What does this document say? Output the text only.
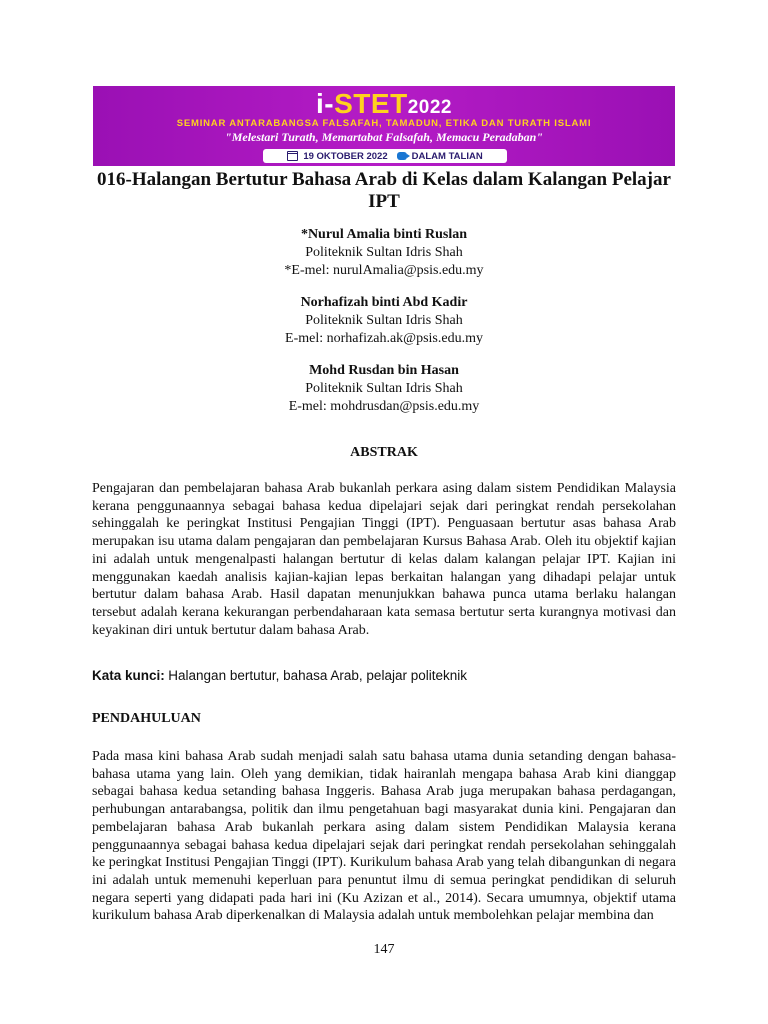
i-STET2022
SEMINAR ANTARABANGSA FALSAFAH, TAMADUN, ETIKA DAN TURATH ISLAMI
"Melestari Turath, Memartabat Falsafah, Memacu Peradaban"
19 OKTOBER 2022	DALAM TALIAN
016-Halangan Bertutur Bahasa Arab di Kelas dalam Kalangan Pelajar IPT
*Nurul Amalia binti Ruslan
Politeknik Sultan Idris Shah
*E-mel: nurulAmalia@psis.edu.my
Norhafizah binti Abd Kadir
Politeknik Sultan Idris Shah
E-mel: norhafizah.ak@psis.edu.my
Mohd Rusdan bin Hasan
Politeknik Sultan Idris Shah
E-mel: mohdrusdan@psis.edu.my
ABSTRAK

Pengajaran dan pembelajaran bahasa Arab bukanlah perkara asing dalam sistem Pendidikan Malaysia kerana penggunaannya sebagai bahasa kedua dipelajari sejak dari peringkat rendah persekolahan sehinggalah ke peringkat Institusi Pengajian Tinggi (IPT). Penguasaan bertutur asas bahasa Arab merupakan isu utama dalam pengajaran dan pembelajaran Kursus Bahasa Arab. Oleh itu objektif kajian ini adalah untuk mengenalpasti halangan bertutur di kelas dalam kalangan pelajar IPT. Kajian ini menggunakan kaedah analisis kajian-kajian lepas berkaitan halangan yang dihadapi pelajar untuk bertutur dalam bahasa Arab. Hasil dapatan menunjukkan bahawa punca utama berlaku halangan tersebut adalah kerana kekurangan perbendaharaan kata semasa bertutur serta kurangnya motivasi dan keyakinan diri untuk bertutur dalam bahasa Arab.

Kata kunci: Halangan bertutur, bahasa Arab, pelajar politeknik

PENDAHULUAN

Pada masa kini bahasa Arab sudah menjadi salah satu bahasa utama dunia setanding dengan bahasa-bahasa utama yang lain. Oleh yang demikian, tidak hairanlah mengapa bahasa Arab kini dianggap sebagai bahasa kedua setanding bahasa Inggeris. Bahasa Arab juga merupakan bahasa perdagangan, perhubungan antarabangsa, politik dan ilmu pengetahuan bagi masyarakat dunia kini. Pengajaran dan pembelajaran bahasa Arab bukanlah perkara asing dalam sistem Pendidikan Malaysia kerana penggunaannya sebagai bahasa kedua dipelajari sejak dari peringkat rendah persekolahan sehinggalah ke peringkat Institusi Pengajian Tinggi (IPT). Kurikulum bahasa Arab yang telah dibangunkan di negara ini adalah untuk memenuhi keperluan para penuntut ilmu di semua peringkat pendidikan di seluruh negara seperti yang didapati pada hari ini (Ku Azizan et al., 2014). Secara umumnya, objektif utama kurikulum bahasa Arab diperkenalkan di Malaysia adalah untuk membolehkan pelajar membina dan

147
